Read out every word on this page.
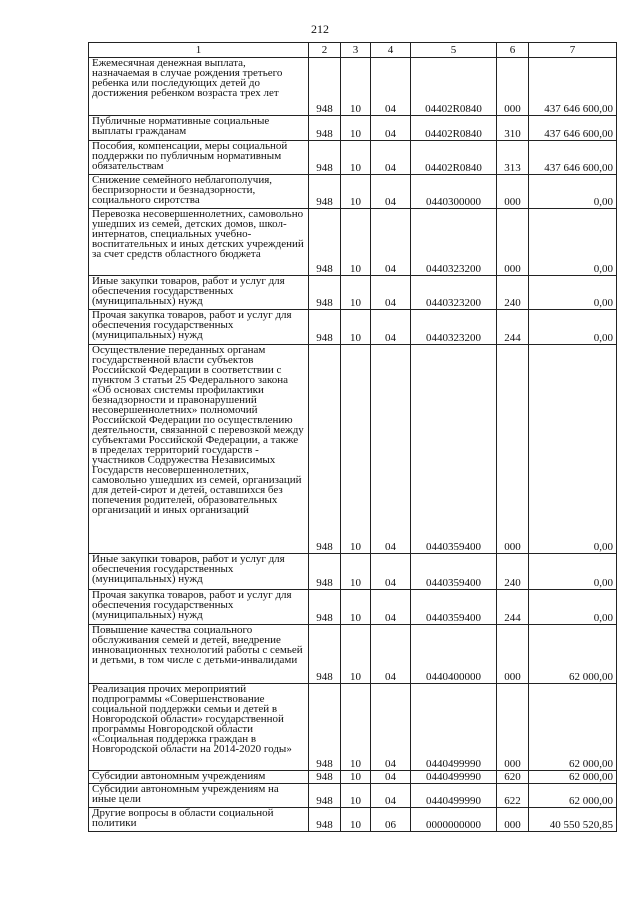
212
1	2	3	4	5	6	7
Ежемесячная денежная выплата, назначаемая в случае рождения третьего ребенка или последующих детей до достижения ребенком возраста трех лет	948	10	04	04402R0840	000	437 646 600,00
Публичные нормативные социальные выплаты гражданам	948	10	04	04402R0840	310	437 646 600,00
Пособия, компенсации, меры социальной поддержки по публичным нормативным обязательствам	948	10	04	04402R0840	313	437 646 600,00
Снижение семейного неблагополучия, беспризорности и безнадзорности, социального сиротства	948	10	04	0440300000	000	0,00
Перевозка несовершеннолетних, самовольно ушедших из семей, детских домов, школ-интернатов, специальных учебно-воспитательных и иных детских учреждений за счет средств областного бюджета	948	10	04	0440323200	000	0,00
Иные закупки товаров, работ и услуг для обеспечения государственных (муниципальных) нужд	948	10	04	0440323200	240	0,00
Прочая закупка товаров, работ и услуг для обеспечения государственных (муниципальных) нужд	948	10	04	0440323200	244	0,00
Осуществление переданных органам государственной власти субъектов Российской Федерации в соответствии с пунктом 3 статьи 25 Федерального закона «Об основах системы профилактики безнадзорности и правонарушений несовершеннолетних» полномочий Российской Федерации по осуществлению деятельности, связанной с перевозкой между субъектами Российской Федерации, а также в пределах территорий государств - участников Содружества Независимых Государств несовершеннолетних, самовольно ушедших из семей, организаций для детей-сирот и детей, оставшихся без попечения родителей, образовательных организаций и иных организаций	948	10	04	0440359400	000	0,00
Иные закупки товаров, работ и услуг для обеспечения государственных (муниципальных) нужд	948	10	04	0440359400	240	0,00
Прочая закупка товаров, работ и услуг для обеспечения государственных (муниципальных) нужд	948	10	04	0440359400	244	0,00
Повышение качества социального обслуживания семей и детей, внедрение инновационных технологий работы с семьей и детьми, в том числе с детьми-инвалидами	948	10	04	0440400000	000	62 000,00
Реализация прочих мероприятий подпрограммы «Совершенствование социальной поддержки семьи и детей в Новгородской области» государственной программы Новгородской области «Социальная поддержка граждан в Новгородской области на 2014-2020 годы»	948	10	04	0440499990	000	62 000,00
Субсидии автономным учреждениям	948	10	04	0440499990	620	62 000,00
Субсидии автономным учреждениям на иные цели	948	10	04	0440499990	622	62 000,00
Другие вопросы в области социальной политики	948	10	06	0000000000	000	40 550 520,85
